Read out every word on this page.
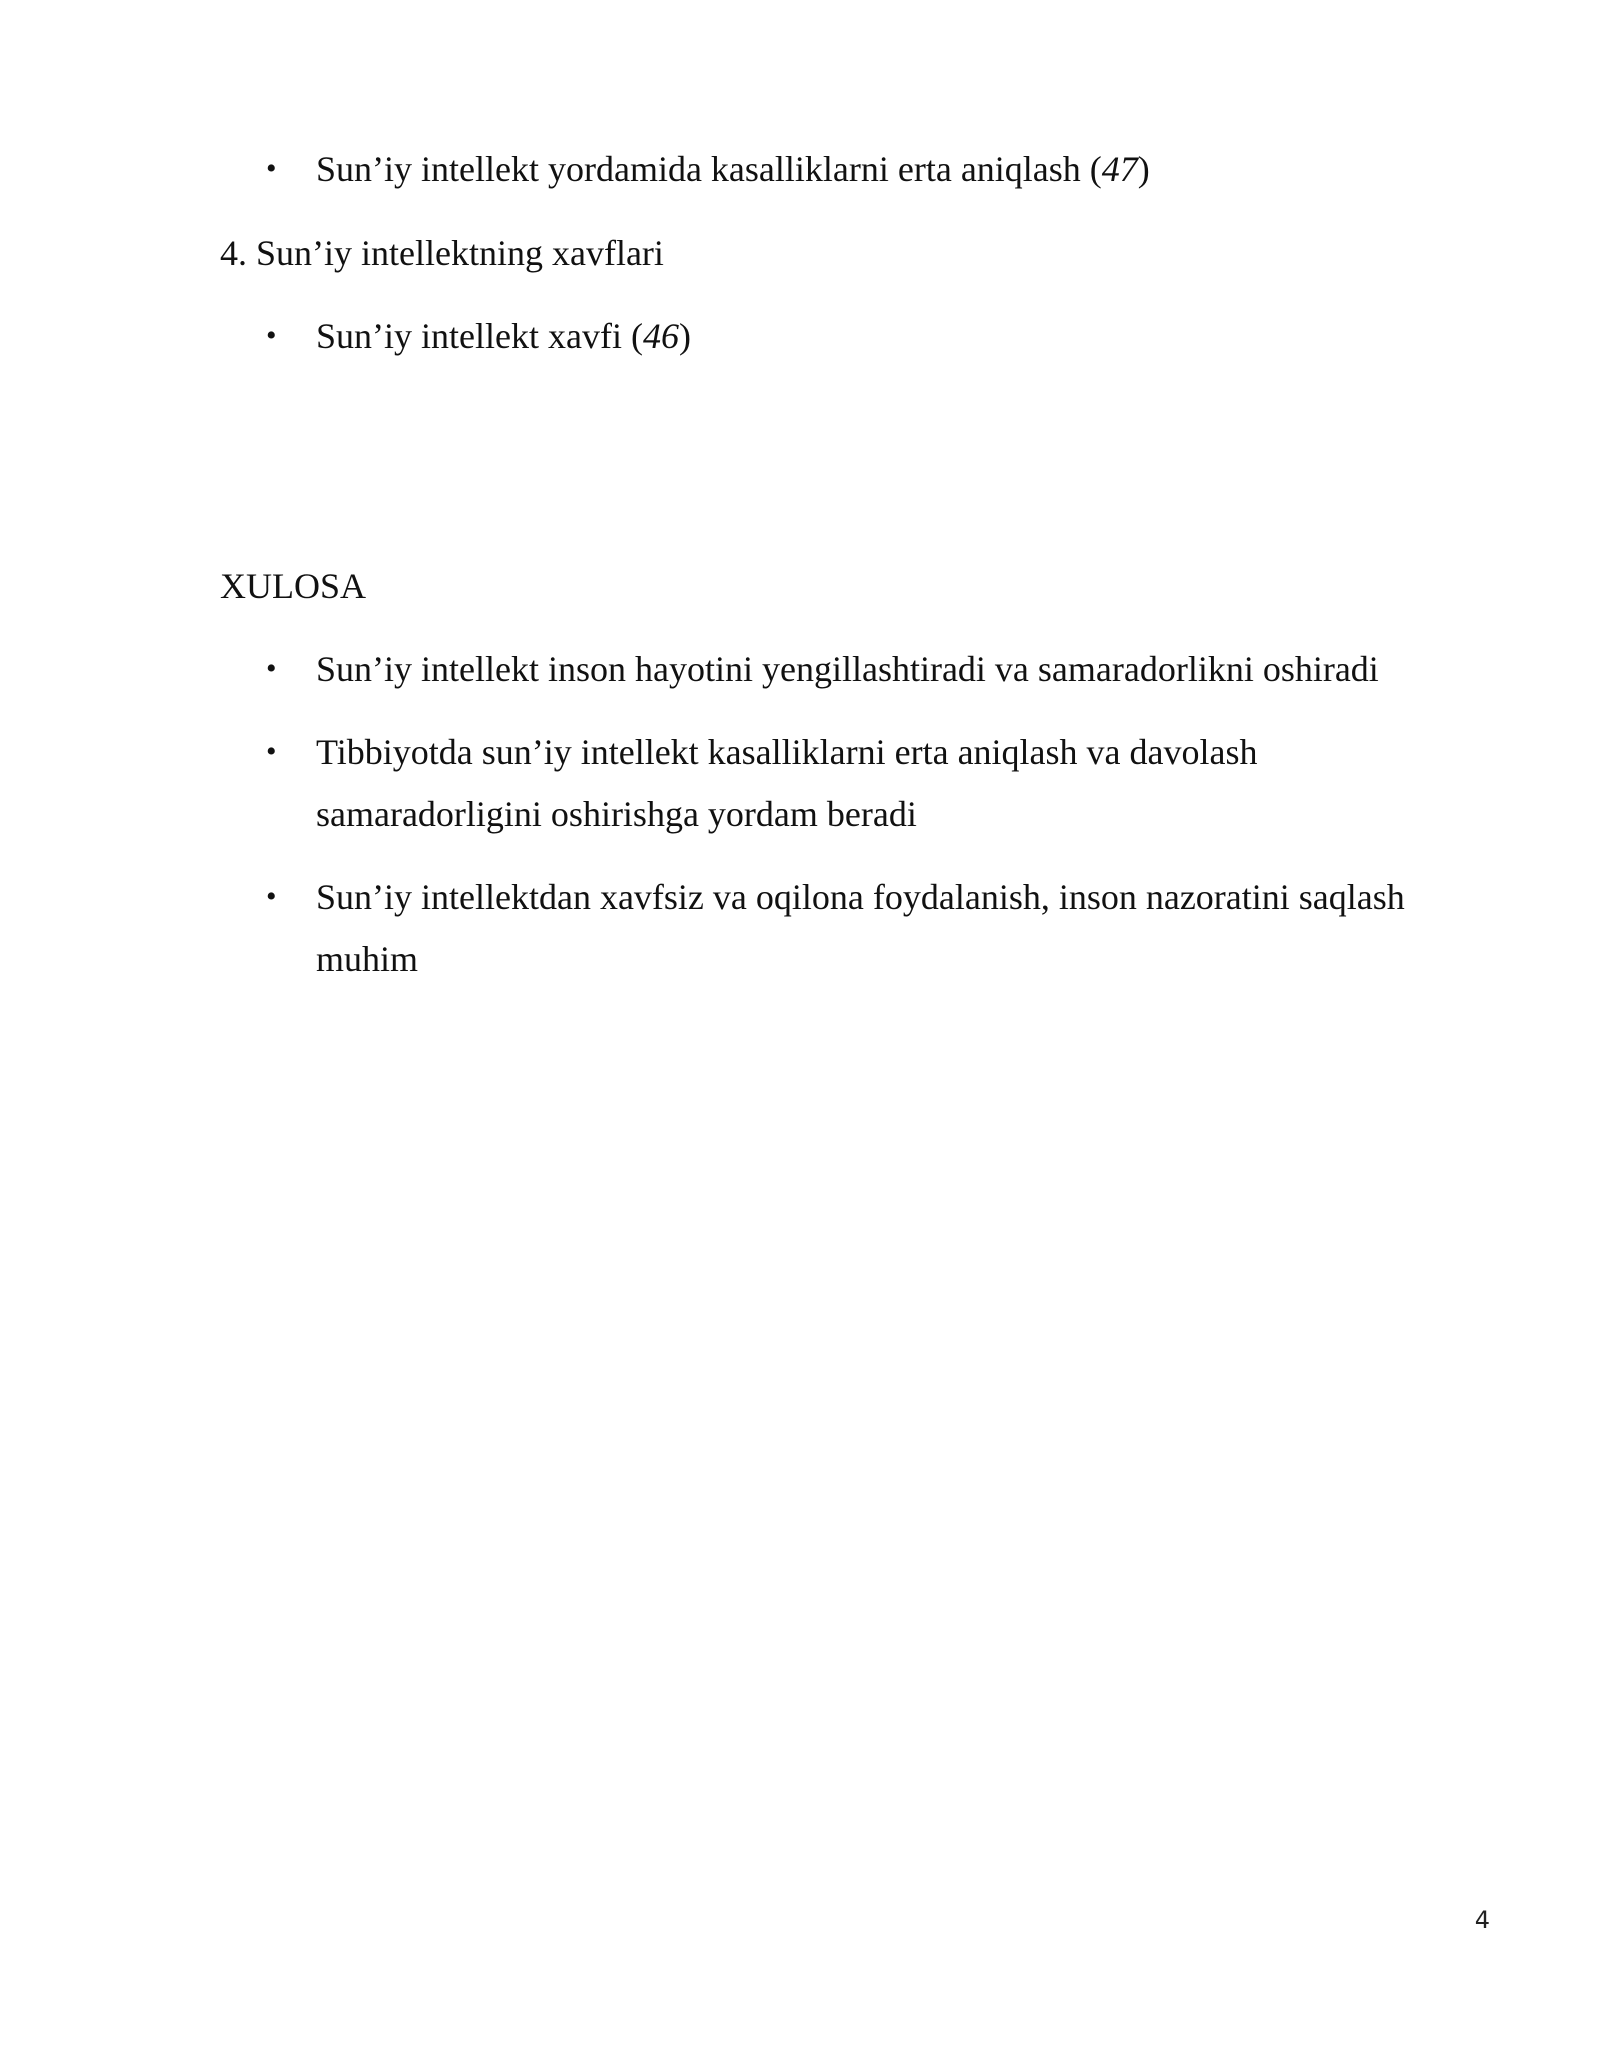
• Sun’iy intellekt yordamida kasalliklarni erta aniqlash (47)
4. Sun’iy intellektning xavflari
• Sun’iy intellekt xavfi (46)
XULOSA
• Sun’iy intellekt inson hayotini yengillashtiradi va samaradorlikni oshiradi
• Tibbiyotda sun’iy intellekt kasalliklarni erta aniqlash va davolash samaradorligini oshirishga yordam beradi
• Sun’iy intellektdan xavfsiz va oqilona foydalanish, inson nazoratini saqlash muhim
4
